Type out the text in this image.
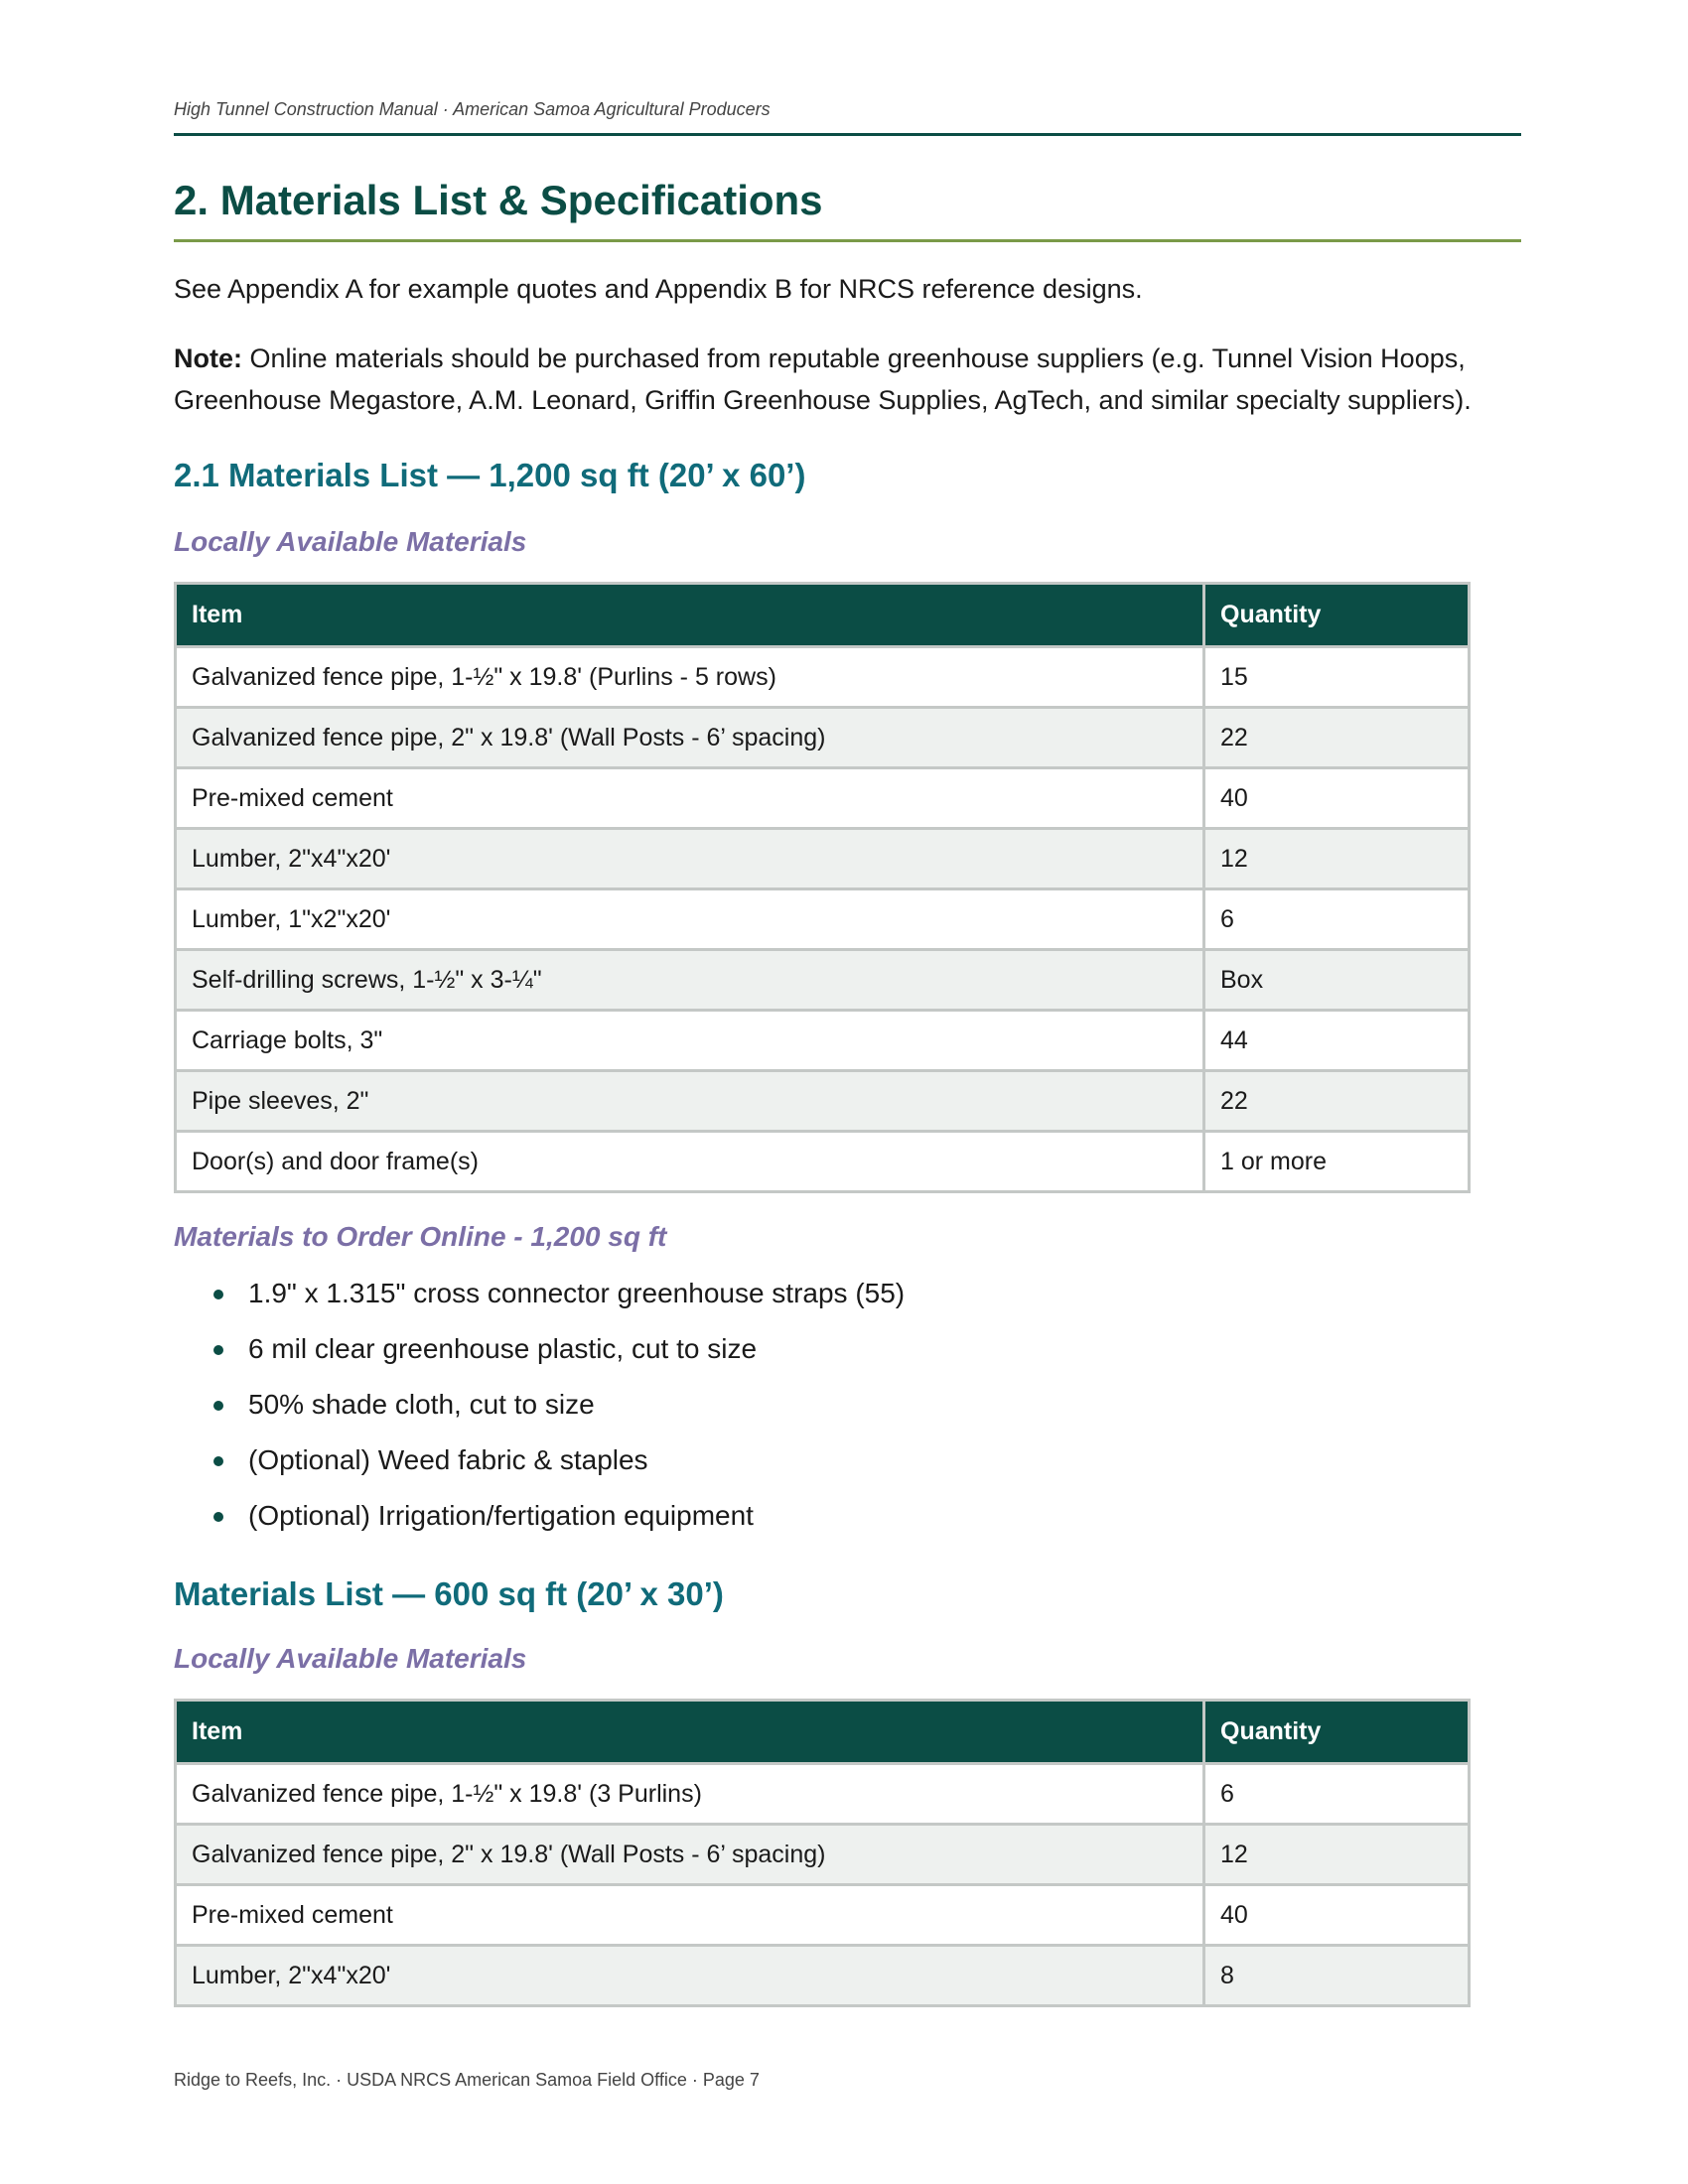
High Tunnel Construction Manual · American Samoa Agricultural Producers
2. Materials List & Specifications

See Appendix A for example quotes and Appendix B for NRCS reference designs.

Note: Online materials should be purchased from reputable greenhouse suppliers (e.g. Tunnel Vision Hoops, Greenhouse Megastore, A.M. Leonard, Griffin Greenhouse Supplies, AgTech, and similar specialty suppliers).

2.1 Materials List — 1,200 sq ft (20’ x 60’)
Locally Available Materials
Item	Quantity
Galvanized fence pipe, 1-½" x 19.8' (Purlins - 5 rows)	15
Galvanized fence pipe, 2" x 19.8' (Wall Posts - 6’ spacing)	22
Pre-mixed cement	40
Lumber, 2"x4"x20'	12
Lumber, 1"x2"x20'	6
Self-drilling screws, 1-½" x 3-¼"	Box
Carriage bolts, 3"	44
Pipe sleeves, 2"	22
Door(s) and door frame(s)	1 or more
Materials to Order Online - 1,200 sq ft
1.9" x 1.315" cross connector greenhouse straps (55)
6 mil clear greenhouse plastic, cut to size
50% shade cloth, cut to size
(Optional) Weed fabric & staples
(Optional) Irrigation/fertigation equipment
Materials List — 600 sq ft (20’ x 30’)
Locally Available Materials
Item	Quantity
Galvanized fence pipe, 1-½" x 19.8' (3 Purlins)	6
Galvanized fence pipe, 2" x 19.8' (Wall Posts - 6’ spacing)	12
Pre-mixed cement	40
Lumber, 2"x4"x20'	8
Ridge to Reefs, Inc. · USDA NRCS American Samoa Field Office · Page 7
